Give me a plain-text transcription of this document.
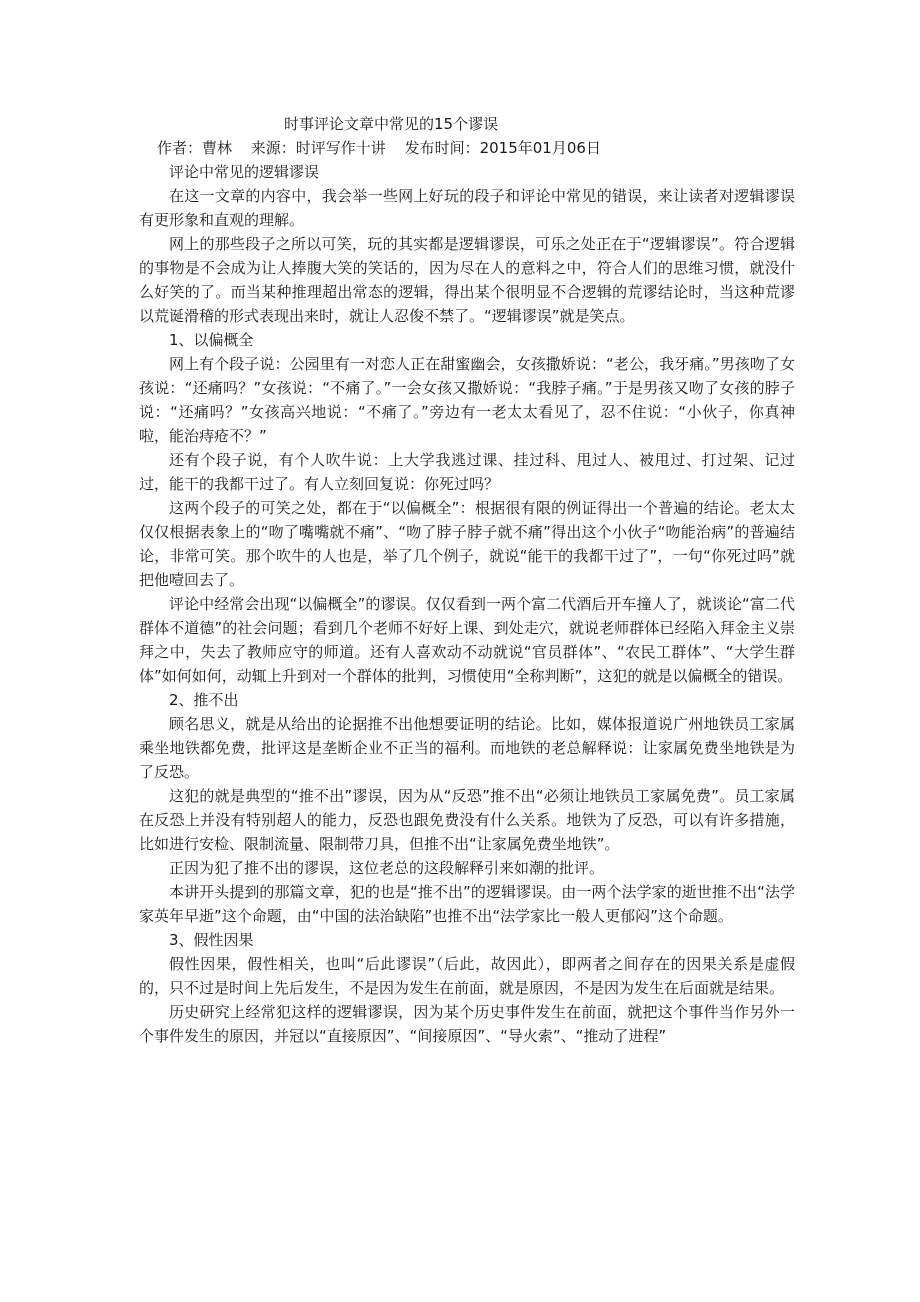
时事评论文章中常见的15个谬误
作者：曹林 来源：时评写作十讲 发布时间：2015年01月06日

评论中常见的逻辑谬误

在这一文章的内容中，我会举一些网上好玩的段子和评论中常见的错误，来让读者对逻辑谬误有更形象和直观的理解。

网上的那些段子之所以可笑，玩的其实都是逻辑谬误，可乐之处正在于“逻辑谬误”。符合逻辑的事物是不会成为让人捧腹大笑的笑话的，因为尽在人的意料之中，符合人们的思维习惯，就没什么好笑的了。而当某种推理超出常态的逻辑，得出某个很明显不合逻辑的荒谬结论时，当这种荒谬以荒诞滑稽的形式表现出来时，就让人忍俊不禁了。“逻辑谬误”就是笑点。

1、以偏概全

网上有个段子说：公园里有一对恋人正在甜蜜幽会，女孩撒娇说：“老公，我牙痛。”男孩吻了女孩说：“还痛吗？”女孩说：“不痛了。”一会女孩又撒娇说：“我脖子痛。”于是男孩又吻了女孩的脖子说：“还痛吗？”女孩高兴地说：“不痛了。”旁边有一老太太看见了，忍不住说：“小伙子，你真神啦，能治痔疮不？”

还有个段子说，有个人吹牛说：上大学我逃过课、挂过科、甩过人、被甩过、打过架、记过过，能干的我都干过了。有人立刻回复说：你死过吗？

这两个段子的可笑之处，都在于“以偏概全”：根据很有限的例证得出一个普遍的结论。老太太仅仅根据表象上的“吻了嘴嘴就不痛”、“吻了脖子脖子就不痛”得出这个小伙子“吻能治病”的普遍结论，非常可笑。那个吹牛的人也是，举了几个例子，就说“能干的我都干过了”，一句“你死过吗”就把他噎回去了。

评论中经常会出现“以偏概全”的谬误。仅仅看到一两个富二代酒后开车撞人了，就谈论“富二代群体不道德”的社会问题；看到几个老师不好好上课、到处走穴，就说老师群体已经陷入拜金主义崇拜之中，失去了教师应守的师道。还有人喜欢动不动就说“官员群体”、“农民工群体”、“大学生群体”如何如何，动辄上升到对一个群体的批判，习惯使用“全称判断”，这犯的就是以偏概全的错误。

2、推不出

顾名思义，就是从给出的论据推不出他想要证明的结论。比如，媒体报道说广州地铁员工家属乘坐地铁都免费，批评这是垄断企业不正当的福利。而地铁的老总解释说：让家属免费坐地铁是为了反恐。

这犯的就是典型的“推不出”谬误，因为从“反恐”推不出“必须让地铁员工家属免费”。员工家属在反恐上并没有特别超人的能力，反恐也跟免费没有什么关系。地铁为了反恐，可以有许多措施，比如进行安检、限制流量、限制带刀具，但推不出“让家属免费坐地铁”。

正因为犯了推不出的谬误，这位老总的这段解释引来如潮的批评。

本讲开头提到的那篇文章，犯的也是“推不出”的逻辑谬误。由一两个法学家的逝世推不出“法学家英年早逝”这个命题，由“中国的法治缺陷”也推不出“法学家比一般人更郁闷”这个命题。

3、假性因果

假性因果，假性相关，也叫“后此谬误”（后此，故因此），即两者之间存在的因果关系是虚假的，只不过是时间上先后发生，不是因为发生在前面，就是原因，不是因为发生在后面就是结果。

历史研究上经常犯这样的逻辑谬误，因为某个历史事件发生在前面，就把这个事件当作另外一个事件发生的原因，并冠以“直接原因”、“间接原因”、“导火索”、“推动了进程”
